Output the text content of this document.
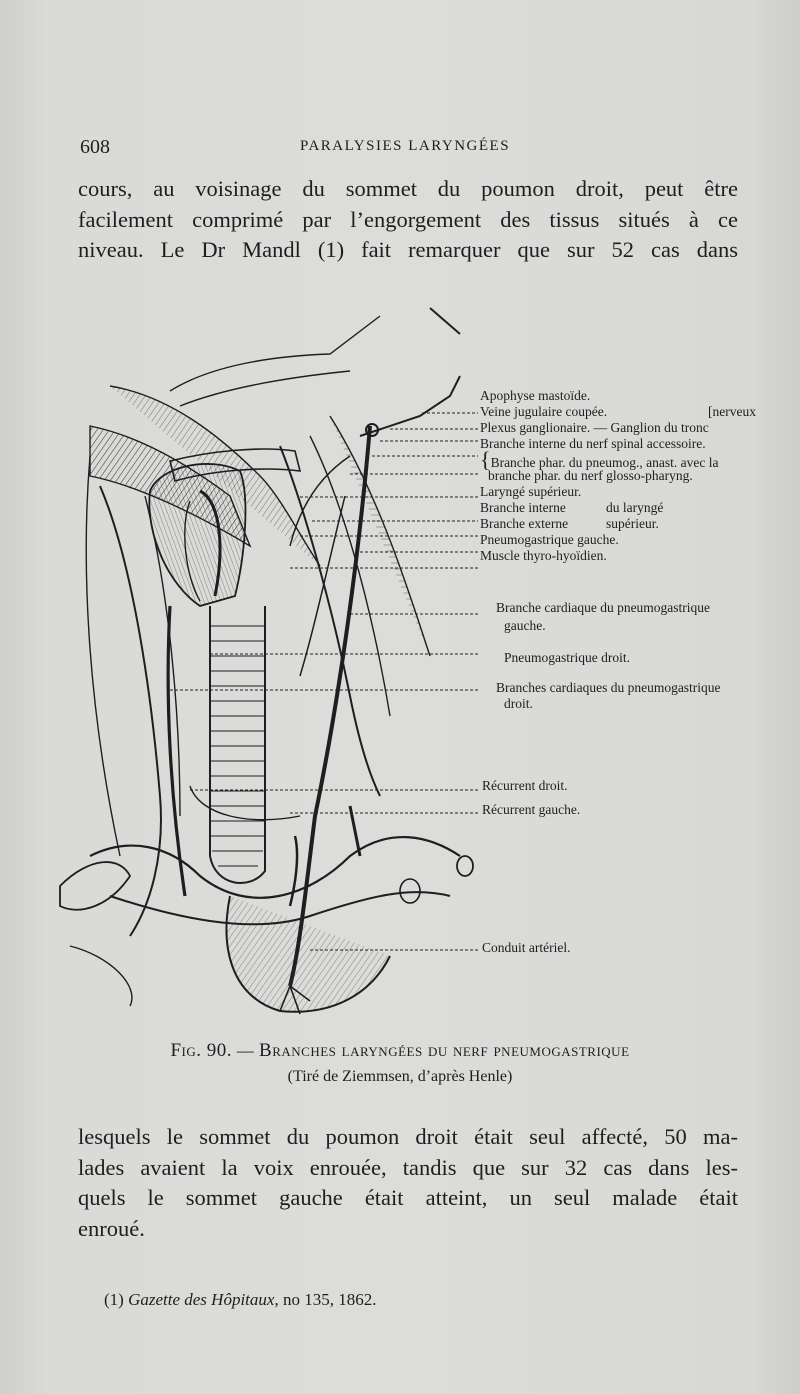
608	PARALYSIES LARYNGÉES
cours, au voisinage du sommet du poumon droit, peut être
facilement comprimé par l’engorgement des tissus situés à ce
niveau. Le Dr Mandl (1) fait remarquer que sur 52 cas dans
Apophyse mastoïde.
Veine jugulaire coupée.	[nerveux
Plexus ganglionaire. — Ganglion du tronc
Branche interne du nerf spinal accessoire.
{Branche phar. du pneumog., anast. avec la
branche phar. du nerf glosso-pharyng.
Laryngé supérieur.
Branche interne	du laryngé
Branche externe	supérieur.
Pneumogastrique gauche.
Muscle thyro-hyoïdien.
Branche cardiaque du pneumogastrique
gauche.
Pneumogastrique droit.
Branches cardiaques du pneumogastrique
droit.
Récurrent droit.
Récurrent gauche.
Conduit artériel.
Fig. 90. — Branches laryngées du nerf pneumogastrique
(Tiré de Ziemmsen, d’après Henle)
lesquels le sommet du poumon droit était seul affecté, 50 ma-
lades avaient la voix enrouée, tandis que sur 32 cas dans les-
quels le sommet gauche était atteint, un seul malade était
enroué.
(1) Gazette des Hôpitaux, no 135, 1862.
